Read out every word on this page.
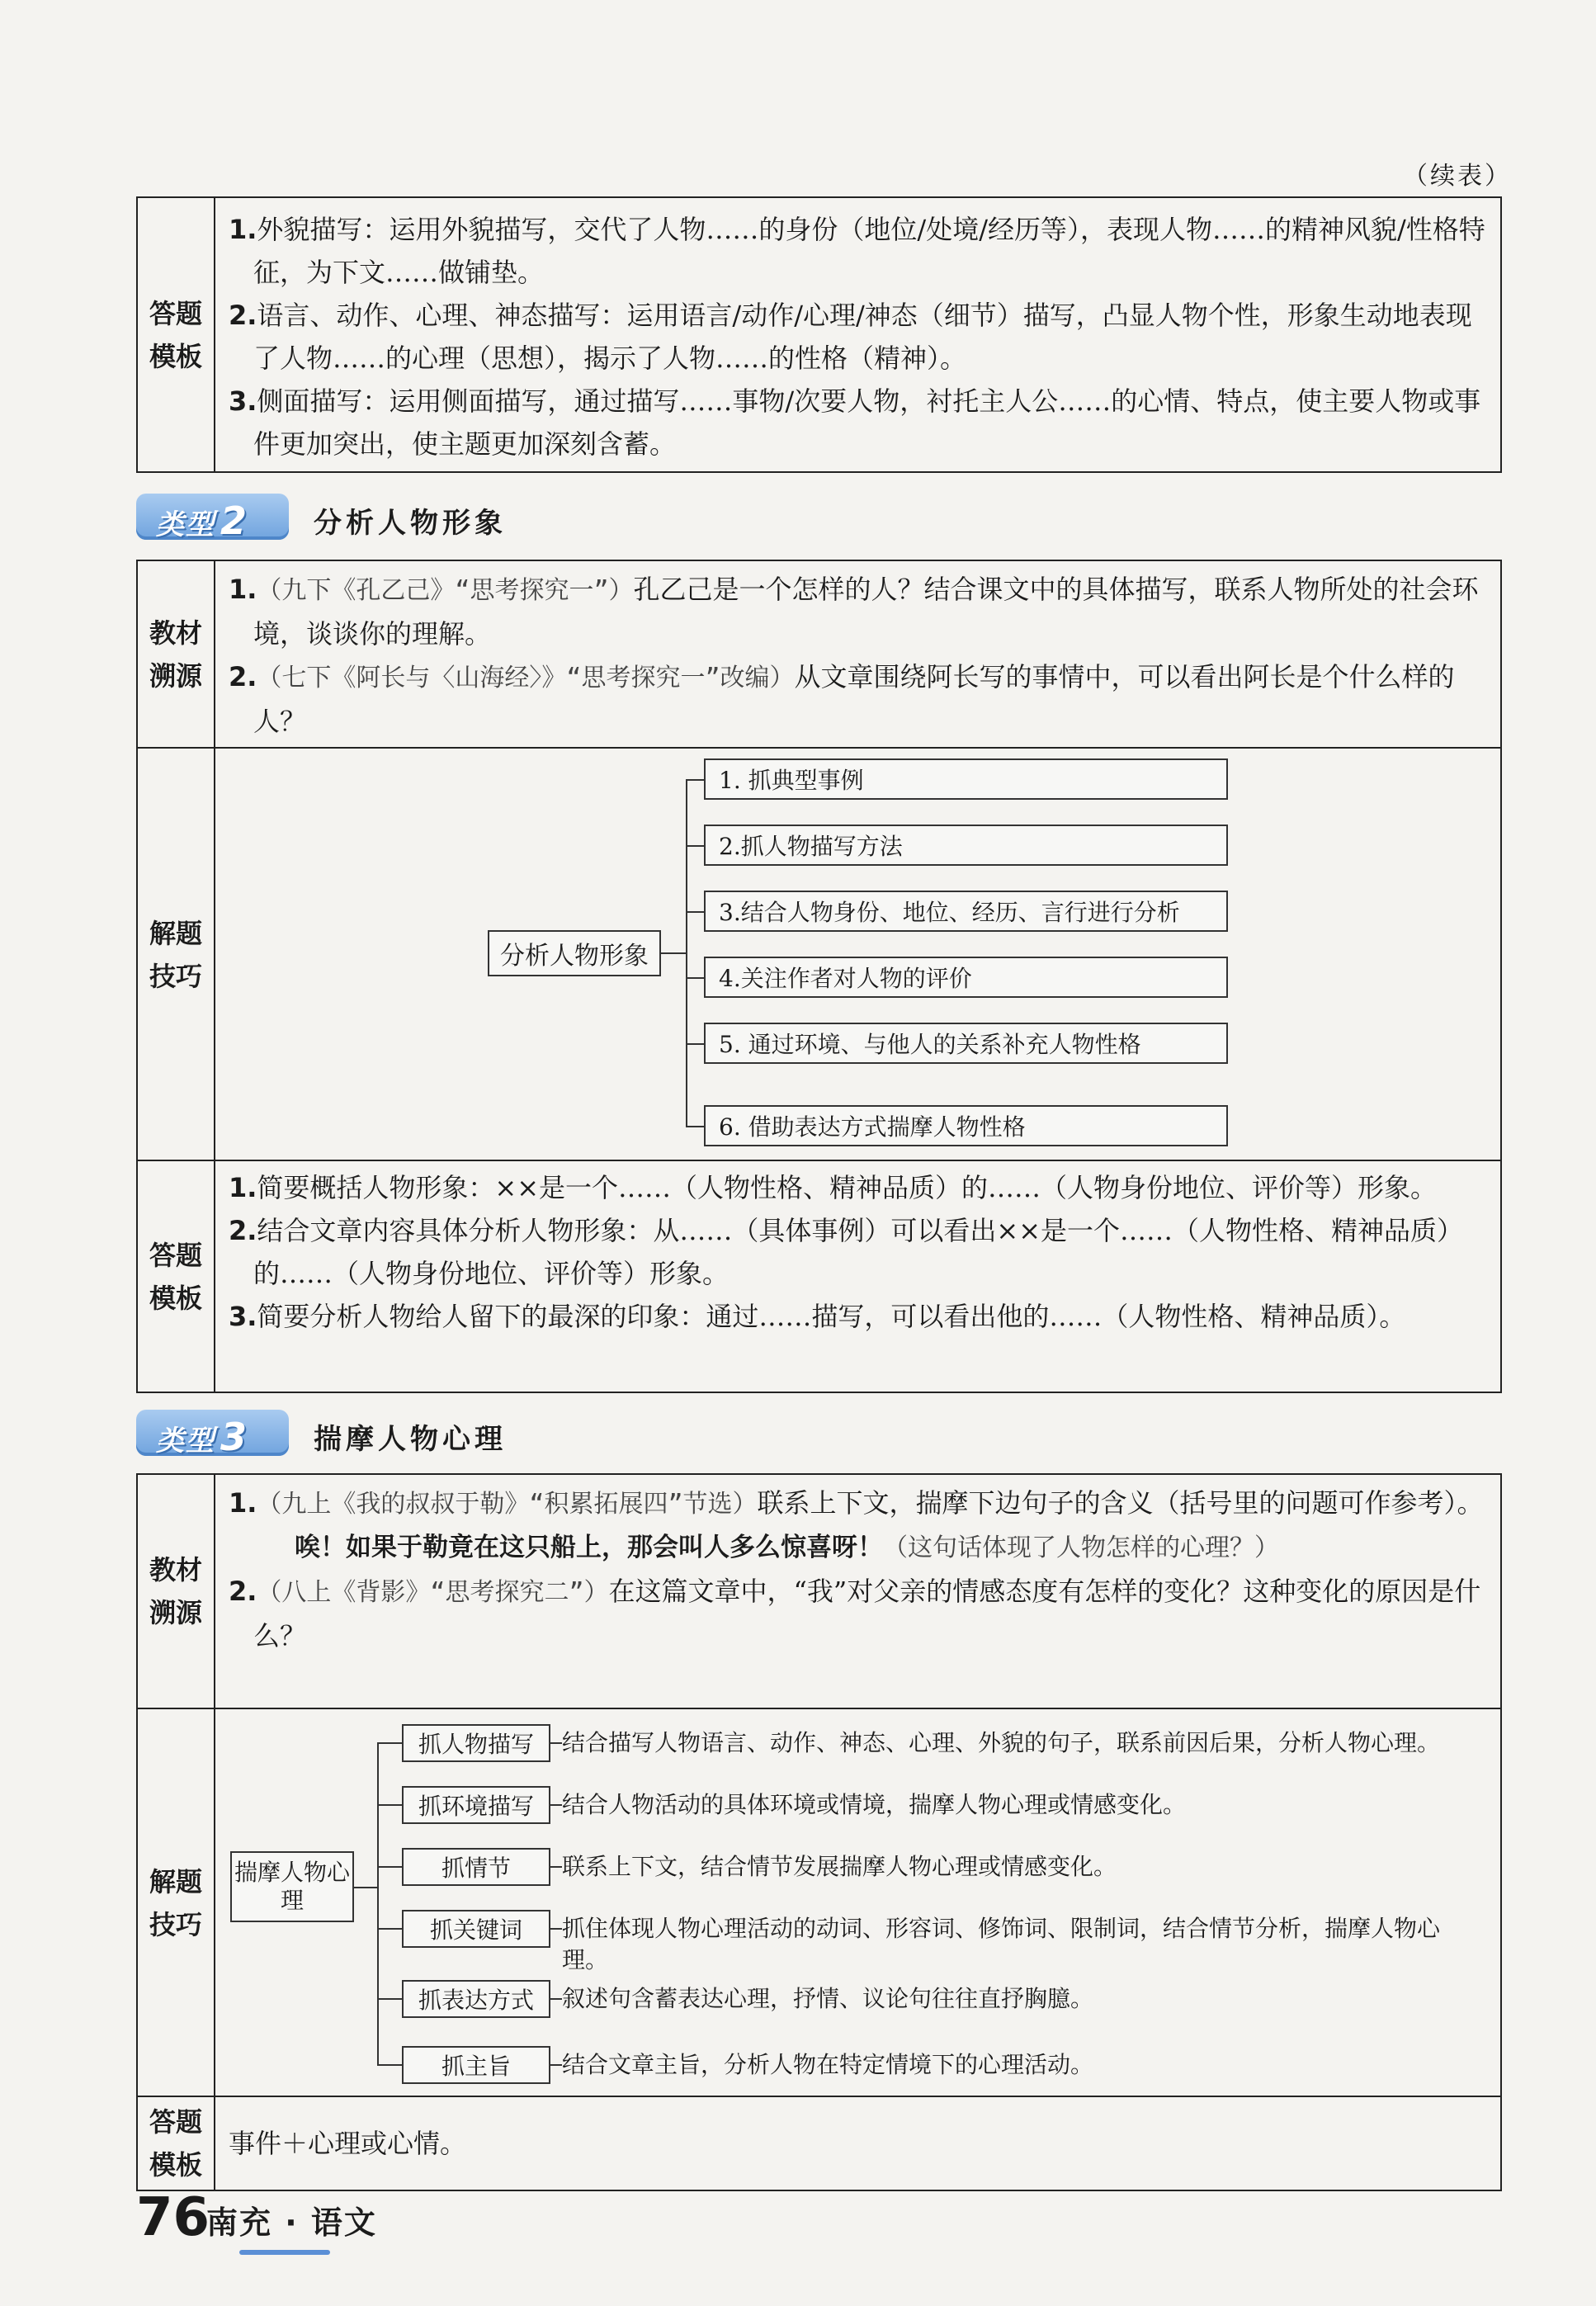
（续表）
答题模板

1.外貌描写：运用外貌描写，交代了人物……的身份（地位/处境/经历等），表现人物……的精神风貌/性格特征，为下文……做铺垫。

2.语言、动作、心理、神态描写：运用语言/动作/心理/神态（细节）描写，凸显人物个性，形象生动地表现了人物……的心理（思想），揭示了人物……的性格（精神）。

3.侧面描写：运用侧面描写，通过描写……事物/次要人物，衬托主人公……的心情、特点，使主要人物或事件更加突出，使主题更加深刻含蓄。

类型 2 分析人物形象
教材溯源

1.（九下《孔乙己》“思考探究一”）孔乙己是一个怎样的人？结合课文中的具体描写，联系人物所处的社会环境，谈谈你的理解。

2.（七下《阿长与〈山海经〉》“思考探究一”改编）从文章围绕阿长写的事情中，可以看出阿长是个什么样的人？

解题技巧
分析人物形象
1. 抓典型事例
2.抓人物描写方法
3.结合人物身份、地位、经历、言行进行分析
4.关注作者对人物的评价
5. 通过环境、与他人的关系补充人物性格
6. 借助表达方式揣摩人物性格
答题模板

1.简要概括人物形象：××是一个……（人物性格、精神品质）的……（人物身份地位、评价等）形象。

2.结合文章内容具体分析人物形象：从……（具体事例）可以看出××是一个……（人物性格、精神品质）的……（人物身份地位、评价等）形象。

3.简要分析人物给人留下的最深的印象：通过……描写，可以看出他的……（人物性格、精神品质）。

类型 3 揣摩人物心理
教材溯源

1.（九上《我的叔叔于勒》“积累拓展四”节选）联系上下文，揣摩下边句子的含义（括号里的问题可作参考）。

唉！如果于勒竟在这只船上，那会叫人多么惊喜呀！（这句话体现了人物怎样的心理？）

2.（八上《背影》“思考探究二”）在这篇文章中，“我”对父亲的情感态度有怎样的变化？这种变化的原因是什么？

解题技巧
揣摩人物心理
抓人物描写	结合描写人物语言、动作、神态、心理、外貌的句子，联系前因后果，分析人物心理。
抓环境描写	结合人物活动的具体环境或情境，揣摩人物心理或情感变化。
抓情节	联系上下文，结合情节发展揣摩人物心理或情感变化。
抓关键词	抓住体现人物心理活动的动词、形容词、修饰词、限制词，结合情节分析，揣摩人物心理。
抓表达方式	叙述句含蓄表达心理，抒情、议论句往往直抒胸臆。
抓主旨	结合文章主旨，分析人物在特定情境下的心理活动。
答题模板

事件＋心理或心情。

76
南充 · 语文
